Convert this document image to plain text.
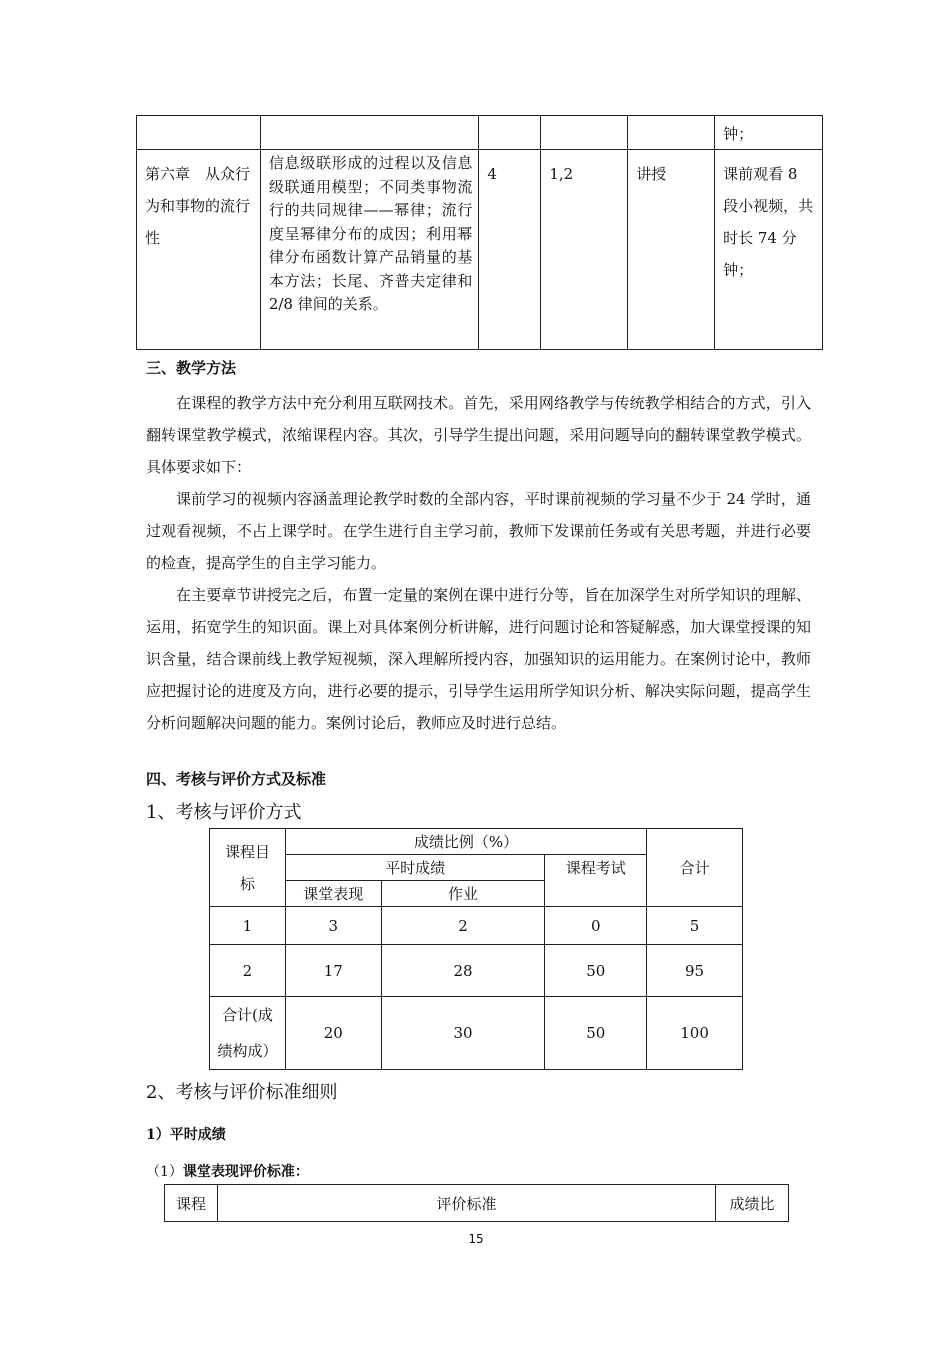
					钟；
第六章　从众行为和事物的流行性	信息级联形成的过程以及信息级联通用模型；不同类事物流行的共同规律——幂律；流行度呈幂律分布的成因；利用幂律分布函数计算产品销量的基本方法；长尾、齐普夫定律和 2/8 律间的关系。	4	1,2	讲授	课前观看 8 段小视频，共时长 74 分钟；
三、教学方法
在课程的教学方法中充分利用互联网技术。首先，采用网络教学与传统教学相结合的方式，引入翻转课堂教学模式，浓缩课程内容。其次，引导学生提出问题，采用问题导向的翻转课堂教学模式。具体要求如下：
课前学习的视频内容涵盖理论教学时数的全部内容，平时课前视频的学习量不少于 24 学时，通过观看视频，不占上课学时。在学生进行自主学习前，教师下发课前任务或有关思考题，并进行必要的检查，提高学生的自主学习能力。
在主要章节讲授完之后，布置一定量的案例在课中进行分等，旨在加深学生对所学知识的理解、运用，拓宽学生的知识面。课上对具体案例分析讲解，进行问题讨论和答疑解惑，加大课堂授课的知识含量，结合课前线上教学短视频，深入理解所授内容，加强知识的运用能力。在案例讨论中，教师应把握讨论的进度及方向，进行必要的提示，引导学生运用所学知识分析、解决实际问题，提高学生分析问题解决问题的能力。案例讨论后，教师应及时进行总结。
四、考核与评价方式及标准
1、考核与评价方式
课程目
标	成绩比例（%）			合计
	平时成绩		课程考试	
	课堂表现	作业		
1	3	2	0	5
2	17	28	50	95
合计(成
绩构成）	20	30	50	100
2、考核与评价标准细则
1）平时成绩
（1）课堂表现评价标准：
课程	评价标准	成绩比
15
